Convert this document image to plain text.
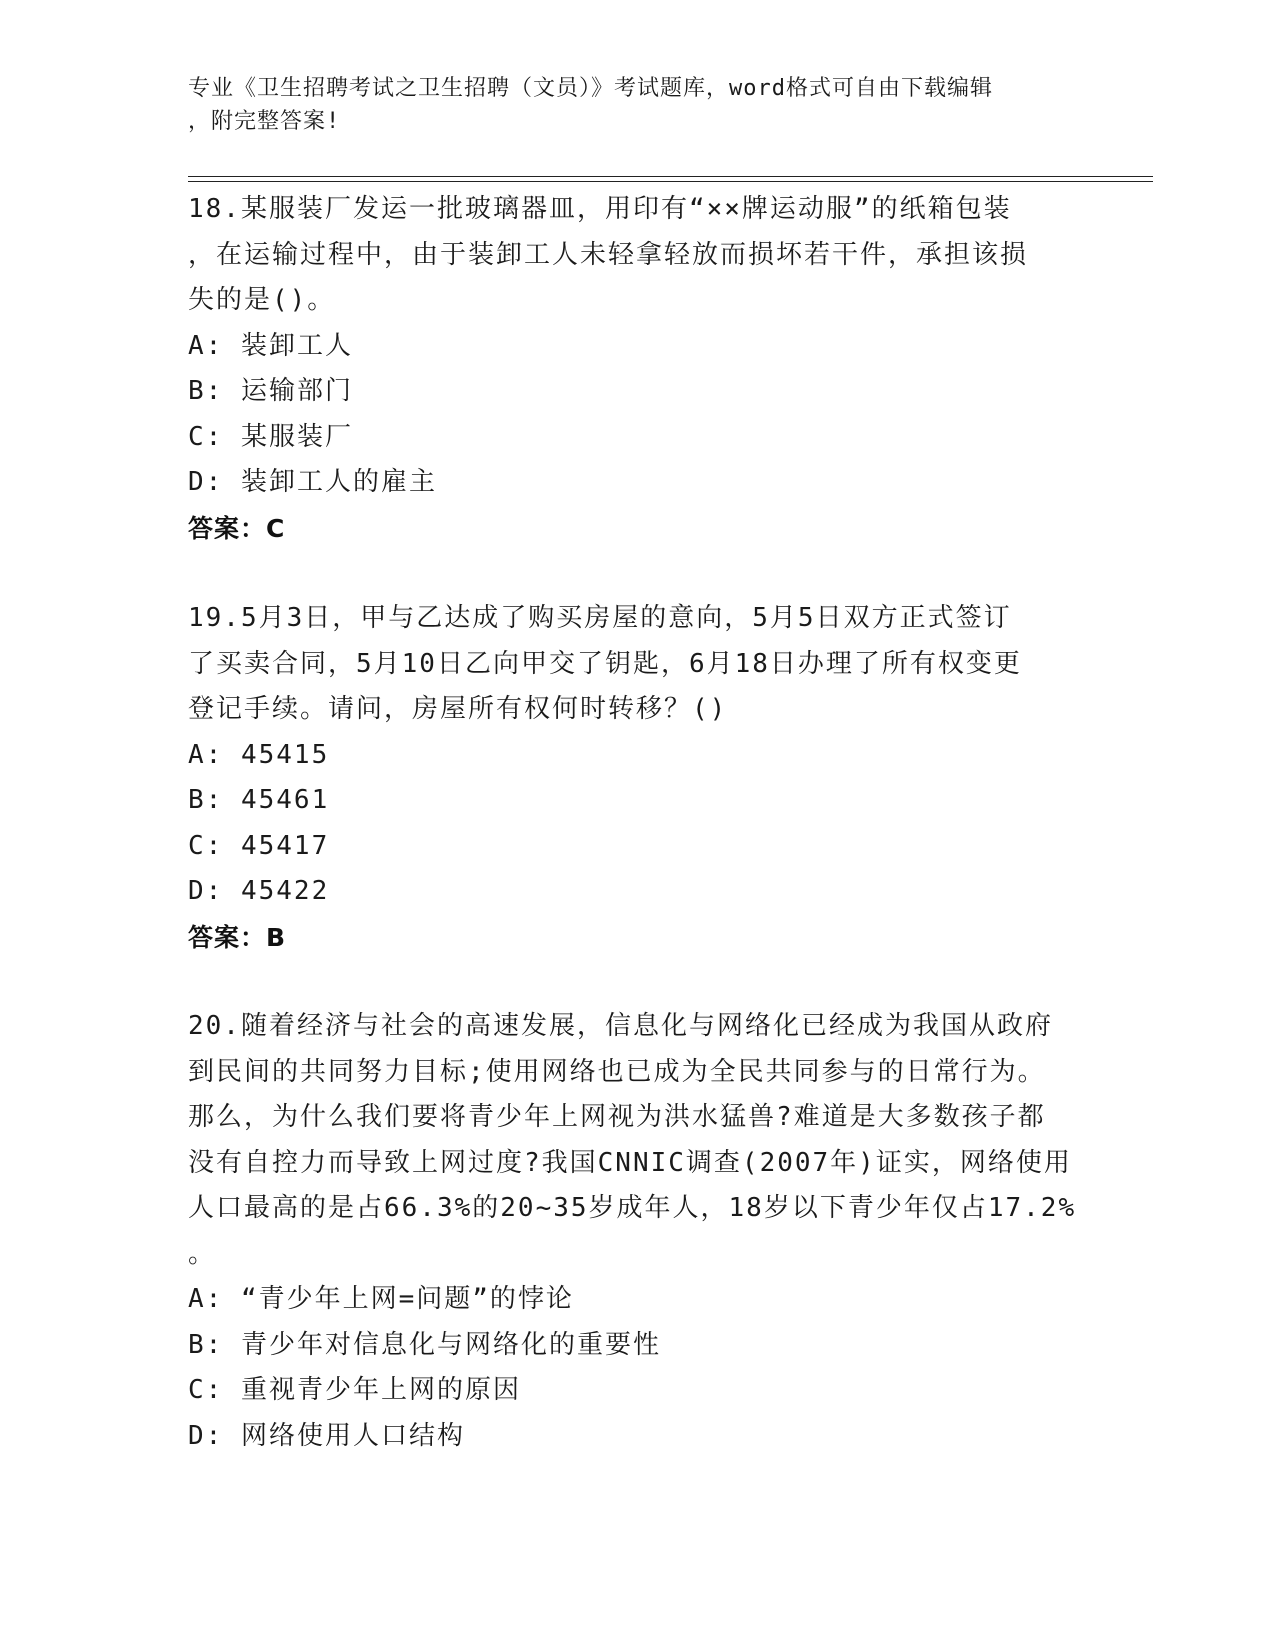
专业《卫生招聘考试之卫生招聘（文员）》考试题库，word格式可自由下载编辑
，附完整答案!
18.某服装厂发运一批玻璃器皿，用印有“××牌运动服”的纸箱包装
，在运输过程中，由于装卸工人未轻拿轻放而损坏若干件，承担该损
失的是()。
A: 装卸工人
B: 运输部门
C: 某服装厂
D: 装卸工人的雇主
答案：C
19.5月3日，甲与乙达成了购买房屋的意向，5月5日双方正式签订
了买卖合同，5月10日乙向甲交了钥匙，6月18日办理了所有权变更
登记手续。请问，房屋所有权何时转移？()
A: 45415
B: 45461
C: 45417
D: 45422
答案：B
20.随着经济与社会的高速发展，信息化与网络化已经成为我国从政府
到民间的共同努力目标;使用网络也已成为全民共同参与的日常行为。
那么，为什么我们要将青少年上网视为洪水猛兽?难道是大多数孩子都
没有自控力而导致上网过度?我国CNNIC调查(2007年)证实，网络使用
人口最高的是占66.3%的20~35岁成年人，18岁以下青少年仅占17.2%
。
A: “青少年上网=问题”的悖论
B: 青少年对信息化与网络化的重要性
C: 重视青少年上网的原因
D: 网络使用人口结构
